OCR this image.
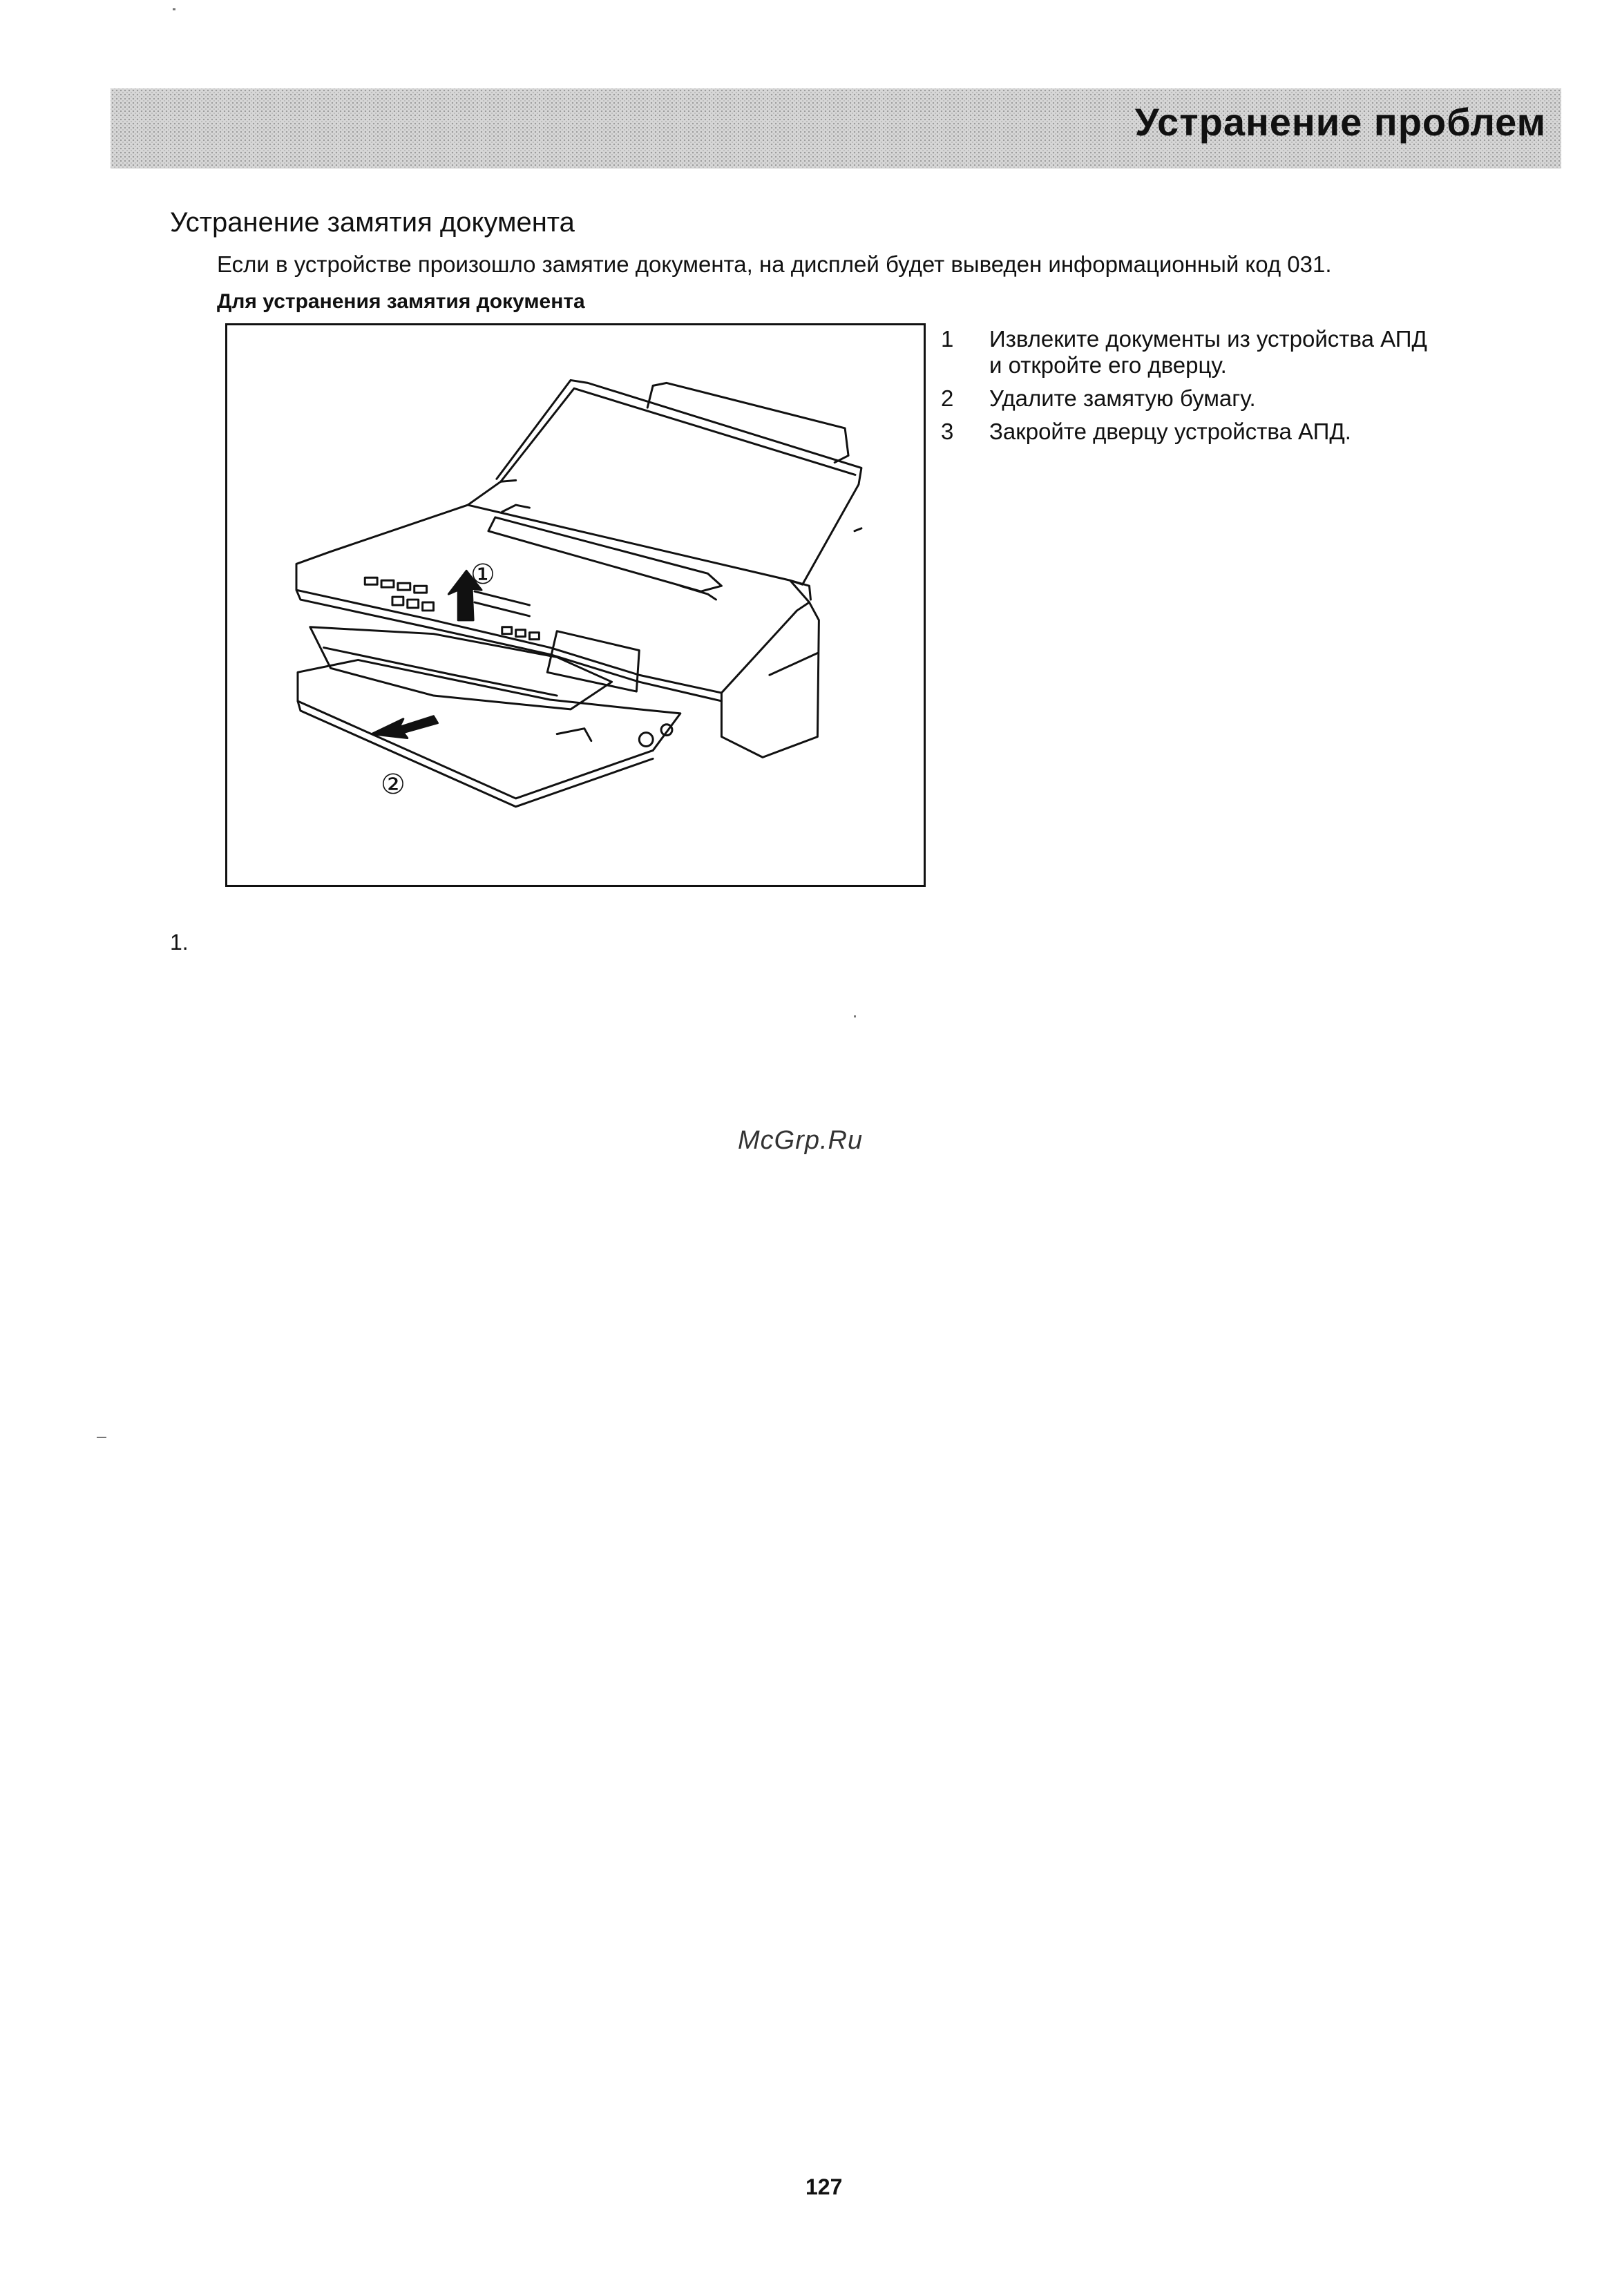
Устранение проблем
Устранение замятия документа
Если в устройстве произошло замятие документа, на дисплей будет выведен информационный код 031.
Для устранения замятия документа
①
②
1 Извлеките документы из устройства АПД
и откройте его дверцу.
2 Удалите замятую бумагу.
3 Закройте дверцу устройства АПД.
1.
McGrp.Ru
127
